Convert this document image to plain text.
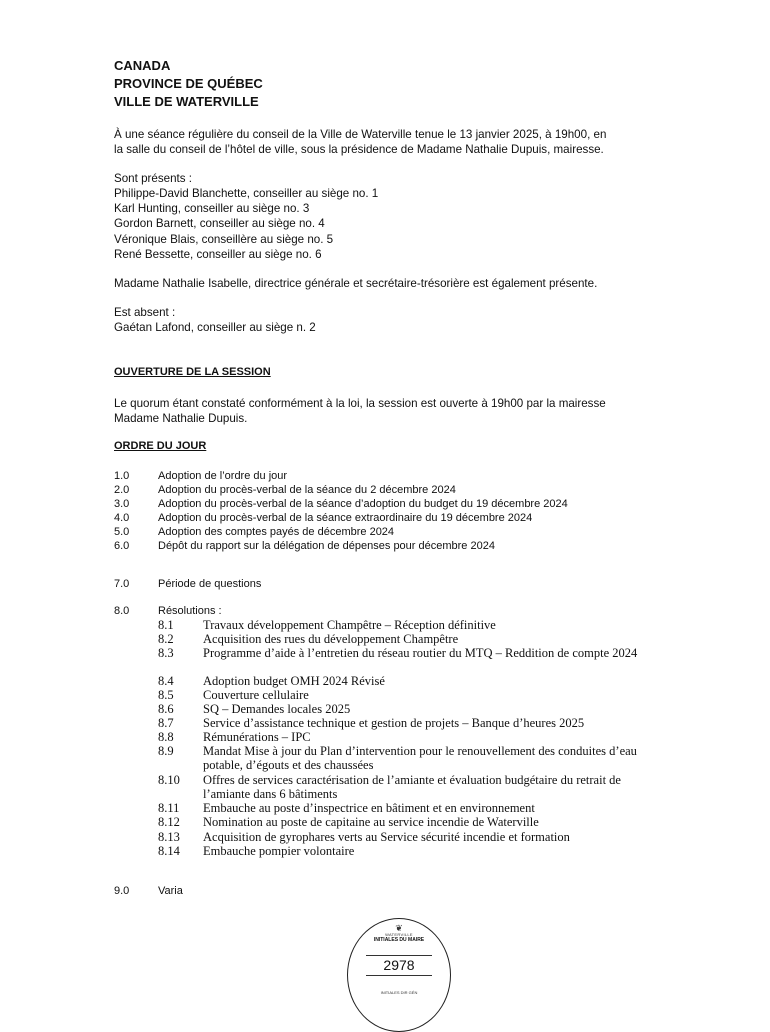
CANADA
PROVINCE DE QUÉBEC
VILLE DE WATERVILLE
À une séance régulière du conseil de la Ville de Waterville tenue le 13 janvier 2025, à 19h00, en
la salle du conseil de l’hôtel de ville, sous la présidence de Madame Nathalie Dupuis, mairesse.
Sont présents :
Philippe-David Blanchette, conseiller au siège no. 1
Karl Hunting, conseiller au siège no. 3
Gordon Barnett, conseiller au siège no. 4
Véronique Blais, conseillère au siège no. 5
René Bessette, conseiller au siège no. 6
Madame Nathalie Isabelle, directrice générale et secrétaire-trésorière est également présente.
Est absent :
Gaétan Lafond, conseiller au siège n. 2
OUVERTURE DE LA SESSION
Le quorum étant constaté conformément à la loi, la session est ouverte à 19h00 par la mairesse
Madame Nathalie Dupuis.
ORDRE DU JOUR
1.0	Adoption de l’ordre du jour
2.0	Adoption du procès-verbal de la séance du 2 décembre 2024
3.0	Adoption du procès-verbal de la séance d’adoption du budget du 19 décembre 2024
4.0	Adoption du procès-verbal de la séance extraordinaire du 19 décembre 2024
5.0	Adoption des comptes payés de décembre 2024
6.0	Dépôt du rapport sur la délégation de dépenses pour décembre 2024
7.0	Période de questions
8.0	Résolutions :
8.1	Travaux développement Champêtre – Réception définitive
8.2	Acquisition des rues du développement Champêtre
8.3	Programme d’aide à l’entretien du réseau routier du MTQ – Reddition de compte 2024
8.4	Adoption budget OMH 2024 Révisé
8.5	Couverture cellulaire
8.6	SQ – Demandes locales 2025
8.7	Service d’assistance technique et gestion de projets – Banque d’heures 2025
8.8	Rémunérations – IPC
8.9	Mandat Mise à jour du Plan d’intervention pour le renouvellement des conduites d’eau potable, d’égouts et des chaussées
8.10	Offres de services caractérisation de l’amiante et évaluation budgétaire du retrait de l’amiante dans 6 bâtiments
8.11	Embauche au poste d’inspectrice en bâtiment et en environnement
8.12	Nomination au poste de capitaine au service incendie de Waterville
8.13	Acquisition de gyrophares verts au Service sécurité incendie et formation
8.14	Embauche pompier volontaire
9.0	Varia
❦
WATERVILLE
INITIALES DU MAIRE
2978
INITIALES DIR GÉN
